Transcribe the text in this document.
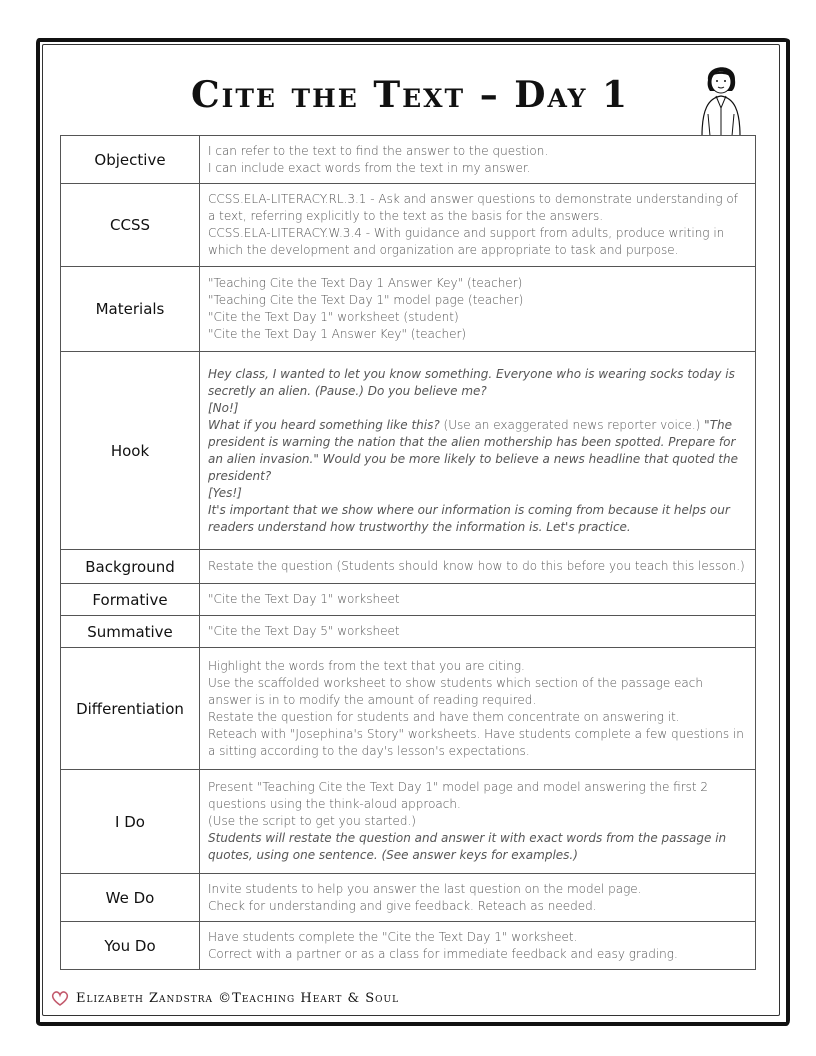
Cite the Text – Day 1
Objective	I can refer to the text to find the answer to the question.
I can include exact words from the text in my answer.

CCSS	CCSS.ELA-LITERACY.RL.3.1 - Ask and answer questions to demonstrate understanding of a text, referring explicitly to the text as the basis for the answers.
CCSS.ELA-LITERACY.W.3.4 - With guidance and support from adults, produce writing in which the development and organization are appropriate to task and purpose.

Materials	"Teaching Cite the Text Day 1 Answer Key" (teacher)
"Teaching Cite the Text Day 1" model page (teacher)
"Cite the Text Day 1" worksheet (student)
"Cite the Text Day 1 Answer Key" (teacher)

Hook	Hey class, I wanted to let you know something. Everyone who is wearing socks today is secretly an alien. (Pause.) Do you believe me?
[No!]
What if you heard something like this? (Use an exaggerated news reporter voice.) "The president is warning the nation that the alien mothership has been spotted. Prepare for an alien invasion." Would you be more likely to believe a news headline that quoted the president?
[Yes!]
It's important that we show where our information is coming from because it helps our readers understand how trustworthy the information is. Let's practice.

Background	Restate the question (Students should know how to do this before you teach this lesson.)
Formative	"Cite the Text Day 1" worksheet
Summative	"Cite the Text Day 5" worksheet
Differentiation	Highlight the words from the text that you are citing.
Use the scaffolded worksheet to show students which section of the passage each answer is in to modify the amount of reading required.
Restate the question for students and have them concentrate on answering it.
Reteach with "Josephina's Story" worksheets. Have students complete a few questions in a sitting according to the day's lesson's expectations.

I Do	Present "Teaching Cite the Text Day 1" model page and model answering the first 2 questions using the think-aloud approach.
(Use the script to get you started.)
Students will restate the question and answer it with exact words from the passage in quotes, using one sentence. (See answer keys for examples.)

We Do	Invite students to help you answer the last question on the model page.
Check for understanding and give feedback. Reteach as needed.

You Do	Have students complete the "Cite the Text Day 1" worksheet.
Correct with a partner or as a class for immediate feedback and easy grading.
Elizabeth Zandstra ©Teaching Heart & Soul
